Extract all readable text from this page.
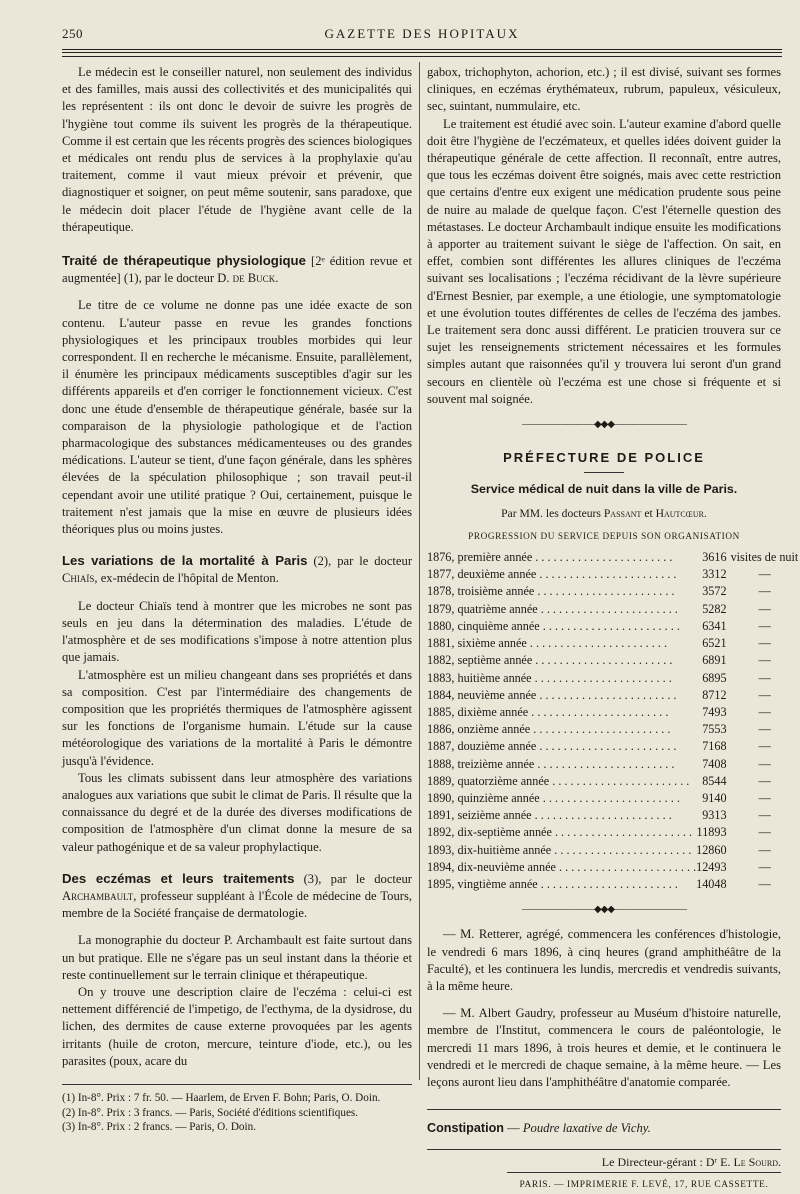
250	GAZETTE DES HOPITAUX

Le médecin est le conseiller naturel, non seulement des individus et des familles, mais aussi des collectivités et des municipalités qui les représentent : ils ont donc le devoir de suivre les progrès de l'hygiène tout comme ils suivent les progrès de la thérapeutique. Comme il est certain que les récents progrès des sciences biologiques et médicales ont rendu plus de services à la prophylaxie qu'au traitement, comme il vaut mieux prévoir et prévenir, que diagnostiquer et soigner, on peut même soutenir, sans paradoxe, que le médecin doit placer l'étude de l'hygiène avant celle de la thérapeutique.

Traité de thérapeutique physiologique [2ᵉ édition revue et augmentée] (1), par le docteur D. de Buck.

Le titre de ce volume ne donne pas une idée exacte de son contenu. L'auteur passe en revue les grandes fonctions physiologiques et les principaux troubles morbides qui leur correspondent. Il en recherche le mécanisme. Ensuite, parallèlement, il énumère les principaux médicaments susceptibles d'agir sur les différents appareils et d'en corriger le fonctionnement vicieux. C'est donc une étude d'ensemble de thérapeutique générale, basée sur la comparaison de la physiologie pathologique et de l'action pharmacologique des substances médicamenteuses ou des grandes médications. L'auteur se tient, d'une façon générale, dans les sphères élevées de la spéculation philosophique ; son travail peut-il cependant avoir une utilité pratique ? Oui, certainement, puisque le traitement n'est jamais que la mise en œuvre de plusieurs idées théoriques plus ou moins justes.

Les variations de la mortalité à Paris (2), par le docteur Chiaïs, ex-médecin de l'hôpital de Menton.

Le docteur Chiaïs tend à montrer que les microbes ne sont pas seuls en jeu dans la détermination des maladies. L'étude de l'atmosphère et de ses modifications s'impose à notre attention plus que jamais.

L'atmosphère est un milieu changeant dans ses propriétés et dans sa composition. C'est par l'intermédiaire des changements de composition que les propriétés thermiques de l'atmosphère agissent sur les fonctions de l'organisme humain. L'étude sur la cause météorologique des variations de la mortalité à Paris le démontre jusqu'à l'évidence.

Tous les climats subissent dans leur atmosphère des variations analogues aux variations que subit le climat de Paris. Il résulte que la connaissance du degré et de la durée des diverses modifications de composition de l'atmosphère d'un climat donne la mesure de sa valeur pathogénique et de sa valeur prophylactique.

Des eczémas et leurs traitements (3), par le docteur Archambault, professeur suppléant à l'École de médecine de Tours, membre de la Société française de dermatologie.

La monographie du docteur P. Archambault est faite surtout dans un but pratique. Elle ne s'égare pas un seul instant dans la théorie et reste continuellement sur le terrain clinique et thérapeutique.

On y trouve une description claire de l'eczéma : celui-ci est nettement différencié de l'impetigo, de l'ecthyma, de la dysidrose, du lichen, des dermites de cause externe provoquées par les agents irritants (huile de croton, mercure, teinture d'iode, etc.), ou les parasites (poux, acare du

(1) In-8°. Prix : 7 fr. 50. — Haarlem, de Erven F. Bohn; Paris, O. Doin.
(2) In-8°. Prix : 3 francs. — Paris, Société d'éditions scientifiques.
(3) In-8°. Prix : 2 francs. — Paris, O. Doin.

gabox, trichophyton, achorion, etc.) ; il est divisé, suivant ses formes cliniques, en eczémas érythémateux, rubrum, papuleux, vésiculeux, sec, suintant, nummulaire, etc.

Le traitement est étudié avec soin. L'auteur examine d'abord quelle doit être l'hygiène de l'eczémateux, et quelles idées doivent guider la thérapeutique générale de cette affection. Il reconnaît, entre autres, que tous les eczémas doivent être soignés, mais avec cette restriction que certains d'entre eux exigent une médication prudente sous peine de nuire au malade de quelque façon. C'est l'éternelle question des métastases. Le docteur Archambault indique ensuite les modifications à apporter au traitement suivant le siège de l'affection. On sait, en effet, combien sont différentes les allures cliniques de l'eczéma suivant ses localisations ; l'eczéma récidivant de la lèvre supérieure d'Ernest Besnier, par exemple, a une étiologie, une symptomatologie et une évolution toutes différentes de celles de l'eczéma des jambes. Le traitement sera donc aussi différent. Le praticien trouvera sur ce sujet les renseignements strictement nécessaires et les formules simples autant que raisonnées qu'il y trouvera lui seront d'un grand secours en clientèle où l'eczéma est une chose si fréquente et si souvent mal soignée.

――――――――◆◆◆――――――――
PRÉFECTURE DE POLICE
Service médical de nuit dans la ville de Paris.
Par MM. les docteurs Passant et Hautcœur.
PROGRESSION DU SERVICE DEPUIS SON ORGANISATION
1876, première année . . . . . . . . . . . . . . . . . . . . . . .	3616	visites de nuit
1877, deuxième année . . . . . . . . . . . . . . . . . . . . . . .	3312	—
1878, troisième année . . . . . . . . . . . . . . . . . . . . . . .	3572	—
1879, quatrième année . . . . . . . . . . . . . . . . . . . . . . .	5282	—
1880, cinquième année . . . . . . . . . . . . . . . . . . . . . . .	6341	—
1881, sixième année . . . . . . . . . . . . . . . . . . . . . . .	6521	—
1882, septième année . . . . . . . . . . . . . . . . . . . . . . .	6891	—
1883, huitième année . . . . . . . . . . . . . . . . . . . . . . .	6895	—
1884, neuvième année . . . . . . . . . . . . . . . . . . . . . . .	8712	—
1885, dixième année . . . . . . . . . . . . . . . . . . . . . . .	7493	—
1886, onzième année . . . . . . . . . . . . . . . . . . . . . . .	7553	—
1887, douzième année . . . . . . . . . . . . . . . . . . . . . . .	7168	—
1888, treizième année . . . . . . . . . . . . . . . . . . . . . . .	7408	—
1889, quatorzième année . . . . . . . . . . . . . . . . . . . . . . .	8544	—
1890, quinzième année . . . . . . . . . . . . . . . . . . . . . . .	9140	—
1891, seizième année . . . . . . . . . . . . . . . . . . . . . . .	9313	—
1892, dix-septième année . . . . . . . . . . . . . . . . . . . . . . .	11893	—
1893, dix-huitième année . . . . . . . . . . . . . . . . . . . . . . .	12860	—
1894, dix-neuvième année . . . . . . . . . . . . . . . . . . . . . . .	12493	—
1895, vingtième année . . . . . . . . . . . . . . . . . . . . . . .	14048	—
――――――――◆◆◆――――――――

— M. Retterer, agrégé, commencera les conférences d'histologie, le vendredi 6 mars 1896, à cinq heures (grand amphithéâtre de la Faculté), et les continuera les lundis, mercredis et vendredis suivants, à la même heure.

— M. Albert Gaudry, professeur au Muséum d'histoire naturelle, membre de l'Institut, commencera le cours de paléontologie, le mercredi 11 mars 1896, à trois heures et demie, et le continuera le vendredi et le mercredi de chaque semaine, à la même heure. — Les leçons auront lieu dans l'amphithéâtre d'anatomie comparée.

Constipation — Poudre laxative de Vichy.
Le Directeur-gérant : Dʳ E. Le Sourd.
PARIS. — IMPRIMERIE F. LEVÉ, 17, RUE CASSETTE.
